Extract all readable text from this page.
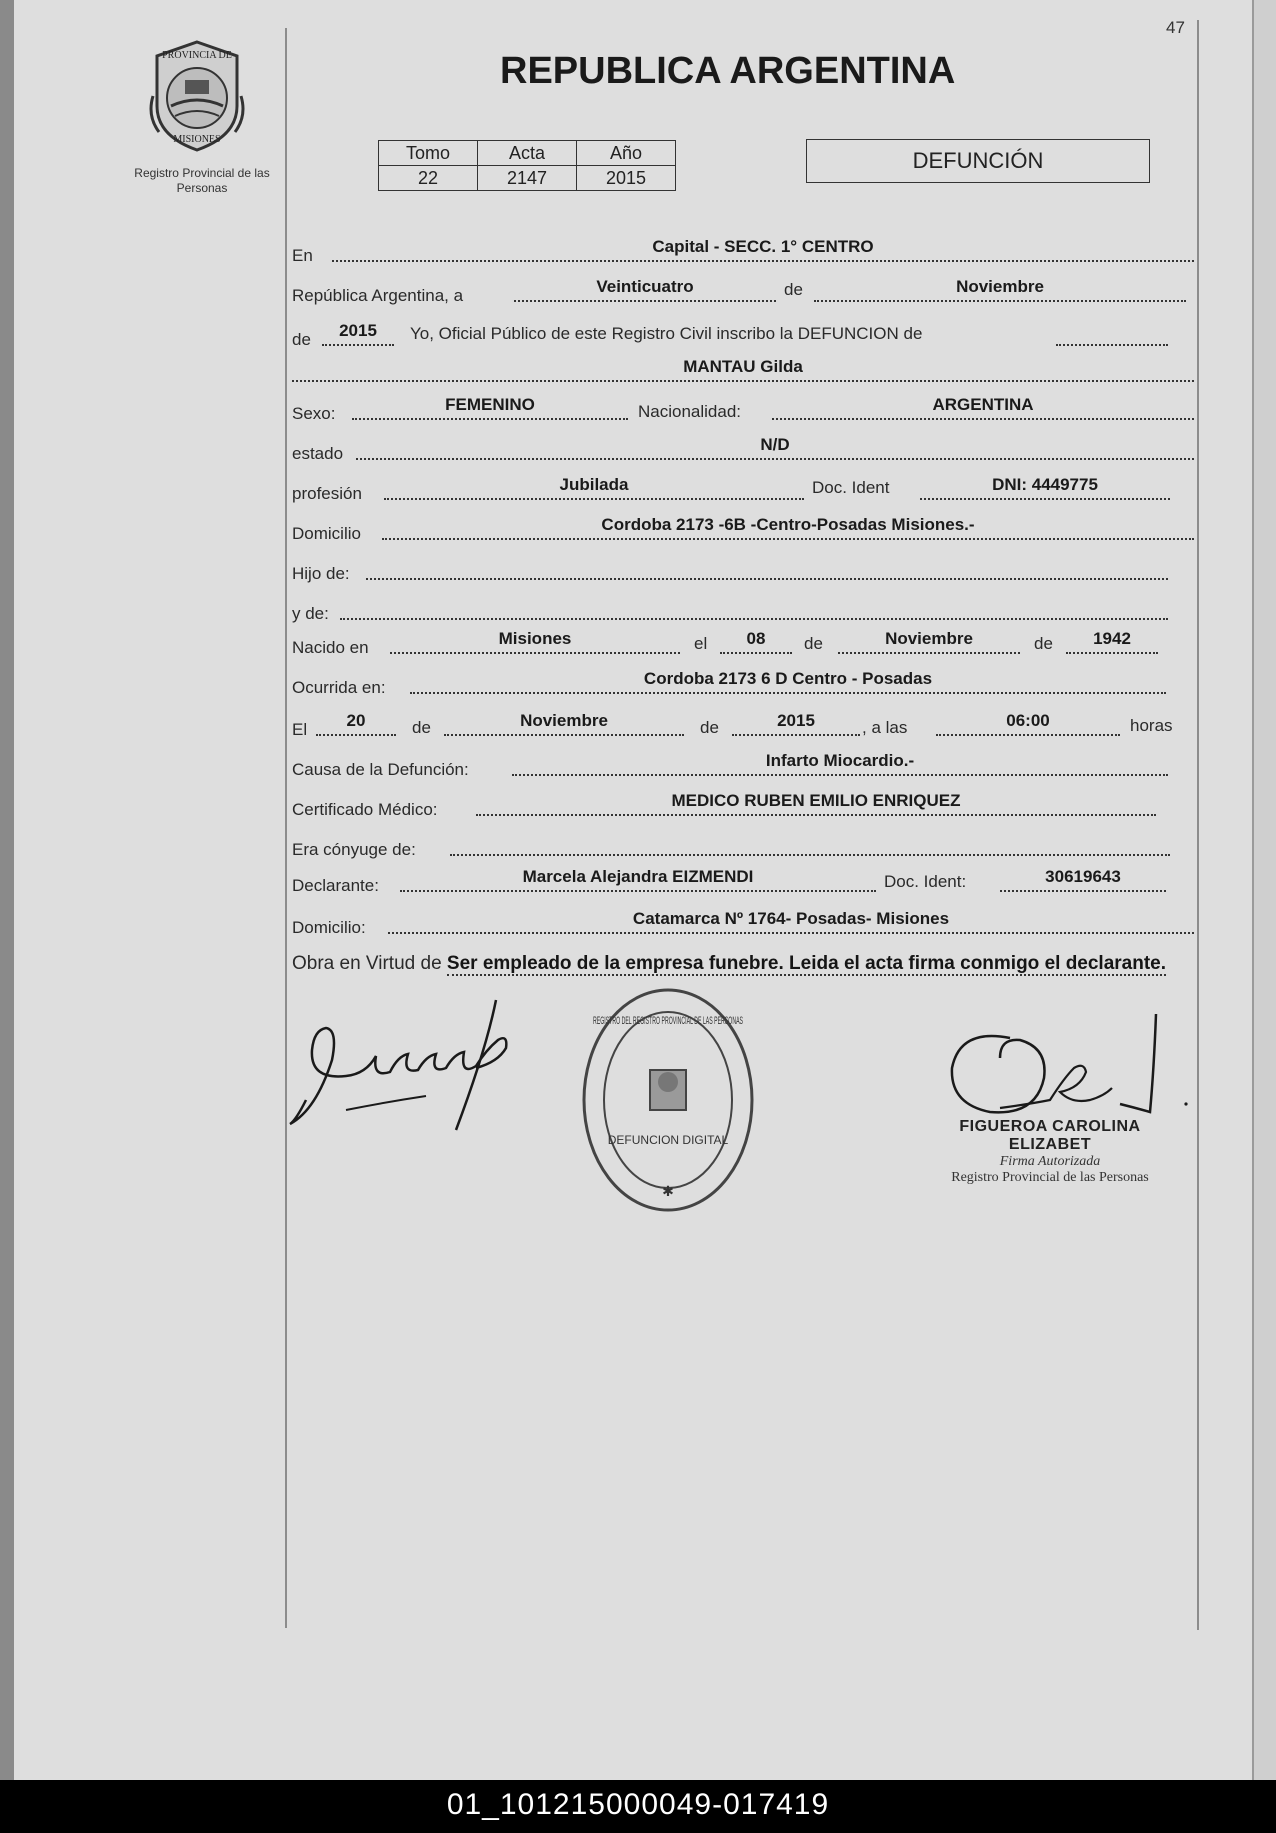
47
PROVINCIA DE
MISIONES
Registro Provincial de las Personas
REPUBLICA ARGENTINA
Tomo	Acta	Año
22	2147	2015
DEFUNCIÓN
En	Capital - SECC. 1° CENTRO
República Argentina, a	Veinticuatro	de	Noviembre
de	2015	Yo, Oficial Público de este Registro Civil inscribo la DEFUNCION de
MANTAU Gilda
Sexo:	FEMENINO	Nacionalidad:	ARGENTINA
estado	N/D
profesión	Jubilada	Doc. Ident	DNI: 4449775
Domicilio	Cordoba 2173 -6B -Centro-Posadas Misiones.-
Hijo de:
y de:
Nacido en	Misiones	el	08	de	Noviembre	de	1942
Ocurrida en:	Cordoba 2173 6 D Centro - Posadas
El	20	de	Noviembre	de	2015	, a las	06:00	horas
Causa de la Defunción:	Infarto Miocardio.-
Certificado Médico:	MEDICO RUBEN EMILIO ENRIQUEZ
Era cónyuge de:
Declarante:	Marcela Alejandra EIZMENDI	Doc. Ident:	30619643
Domicilio:	Catamarca Nº 1764- Posadas- Misiones
Obra en Virtud de Ser empleado de la empresa funebre. Leida el acta firma conmigo el declarante.
REGISTRO DEL REGISTRO PROVINCIAL DE LAS PERSONAS
DEFUNCION DIGITAL
✱
FIGUEROA CAROLINA ELIZABET
Firma Autorizada
Registro Provincial de las Personas
01_101215000049-017419
